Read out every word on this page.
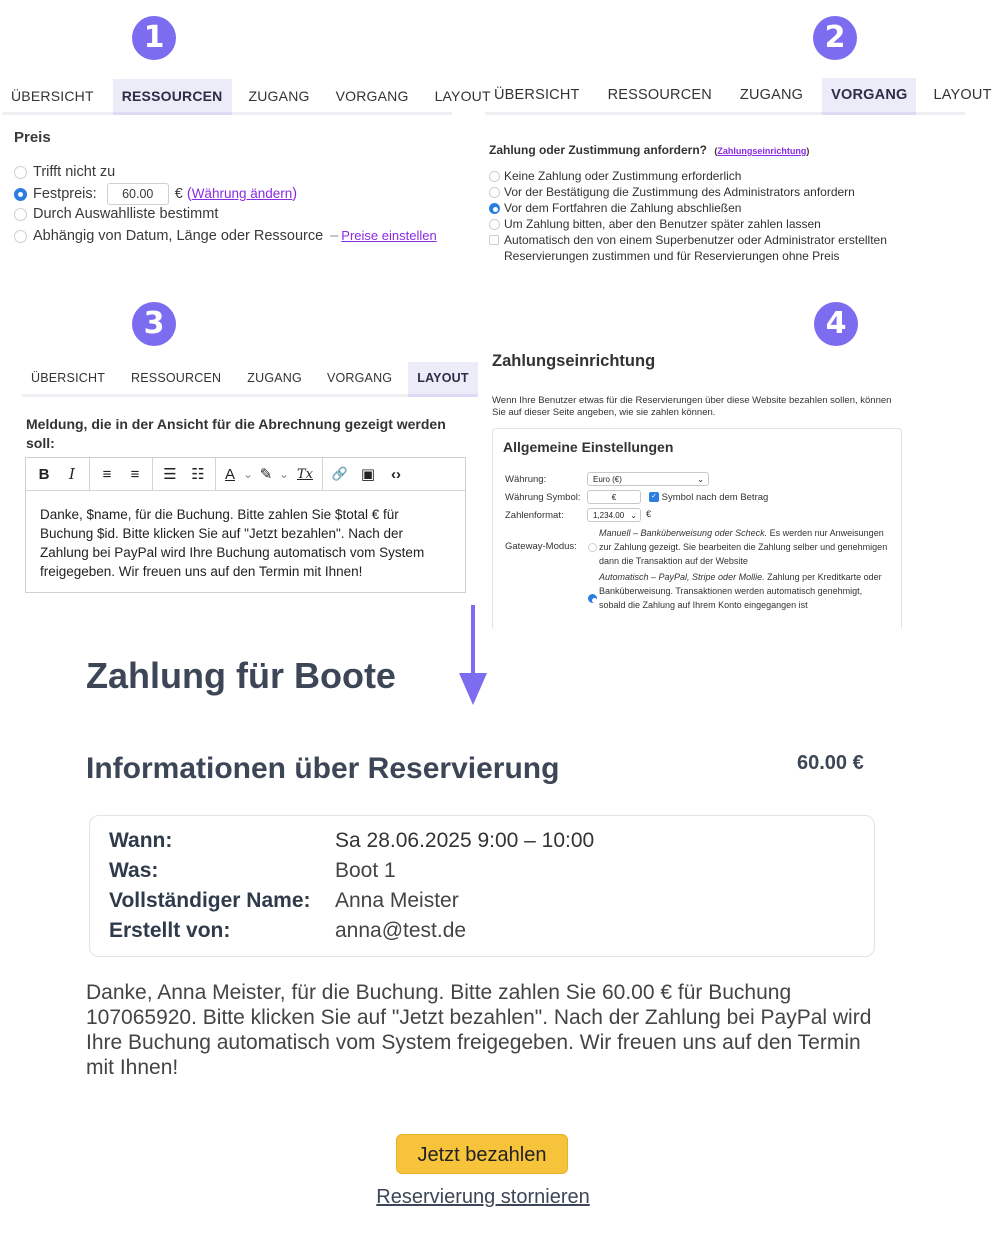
1	2
3	4
ÜBERSICHT	RESSOURCEN	ZUGANG	VORGANG	LAYOUT
Preis
Trifft nicht zu
Festpreis: 60.00 € (Währung ändern)
Durch Auswahlliste bestimmt
Abhängig von Datum, Länge oder Ressource – Preise einstellen
ÜBERSICHT	RESSOURCEN	ZUGANG	VORGANG	LAYOUT
Zahlung oder Zustimmung anfordern? (Zahlungseinrichtung)
Keine Zahlung oder Zustimmung erforderlich
Vor der Bestätigung die Zustimmung des Administrators anfordern
Vor dem Fortfahren die Zahlung abschließen
Um Zahlung bitten, aber den Benutzer später zahlen lassen
Automatisch den von einem Superbenutzer oder Administrator erstellten Reservierungen zustimmen und für Reservierungen ohne Preis
ÜBERSICHT	RESSOURCEN	ZUGANG	VORGANG	LAYOUT
Meldung, die in der Ansicht für die Abrechnung gezeigt werden soll:
B	I	≡	≡	☰ ☷	A ⌄ ✎ ⌄ Tx	🔗 ▣	‹›
Danke, $name, für die Buchung. Bitte zahlen Sie $total € für Buchung $id. Bitte klicken Sie auf "Jetzt bezahlen". Nach der Zahlung bei PayPal wird Ihre Buchung automatisch vom System freigegeben. Wir freuen uns auf den Termin mit Ihnen!
Zahlungseinrichtung
Wenn Ihre Benutzer etwas für die Reservierungen über diese Website bezahlen sollen, können Sie auf dieser Seite angeben, wie sie zahlen können.
Allgemeine Einstellungen
Währung:	Euro (€)	⌄
Währung Symbol:	€	✓ Symbol nach dem Betrag
Zahlenformat:	1,234.00 ⌄ €
Gateway-Modus:
Manuell – Banküberweisung oder Scheck. Es werden nur Anweisungen zur Zahlung gezeigt. Sie bearbeiten die Zahlung selber und genehmigen dann die Transaktion auf der Website
Automatisch – PayPal, Stripe oder Mollie. Zahlung per Kreditkarte oder Banküberweisung. Transaktionen werden automatisch genehmigt, sobald die Zahlung auf Ihrem Konto eingegangen ist
Zahlung für Boote
Informationen über Reservierung	60.00 €
Wann:	Sa 28.06.2025 9:00 – 10:00
Was:	Boot 1
Vollständiger Name: Anna Meister
Erstellt von:	anna@test.de
Danke, Anna Meister, für die Buchung. Bitte zahlen Sie 60.00 € für Buchung 107065920. Bitte klicken Sie auf "Jetzt bezahlen". Nach der Zahlung bei PayPal wird Ihre Buchung automatisch vom System freigegeben. Wir freuen uns auf den Termin mit Ihnen!
Jetzt bezahlen
Reservierung stornieren
